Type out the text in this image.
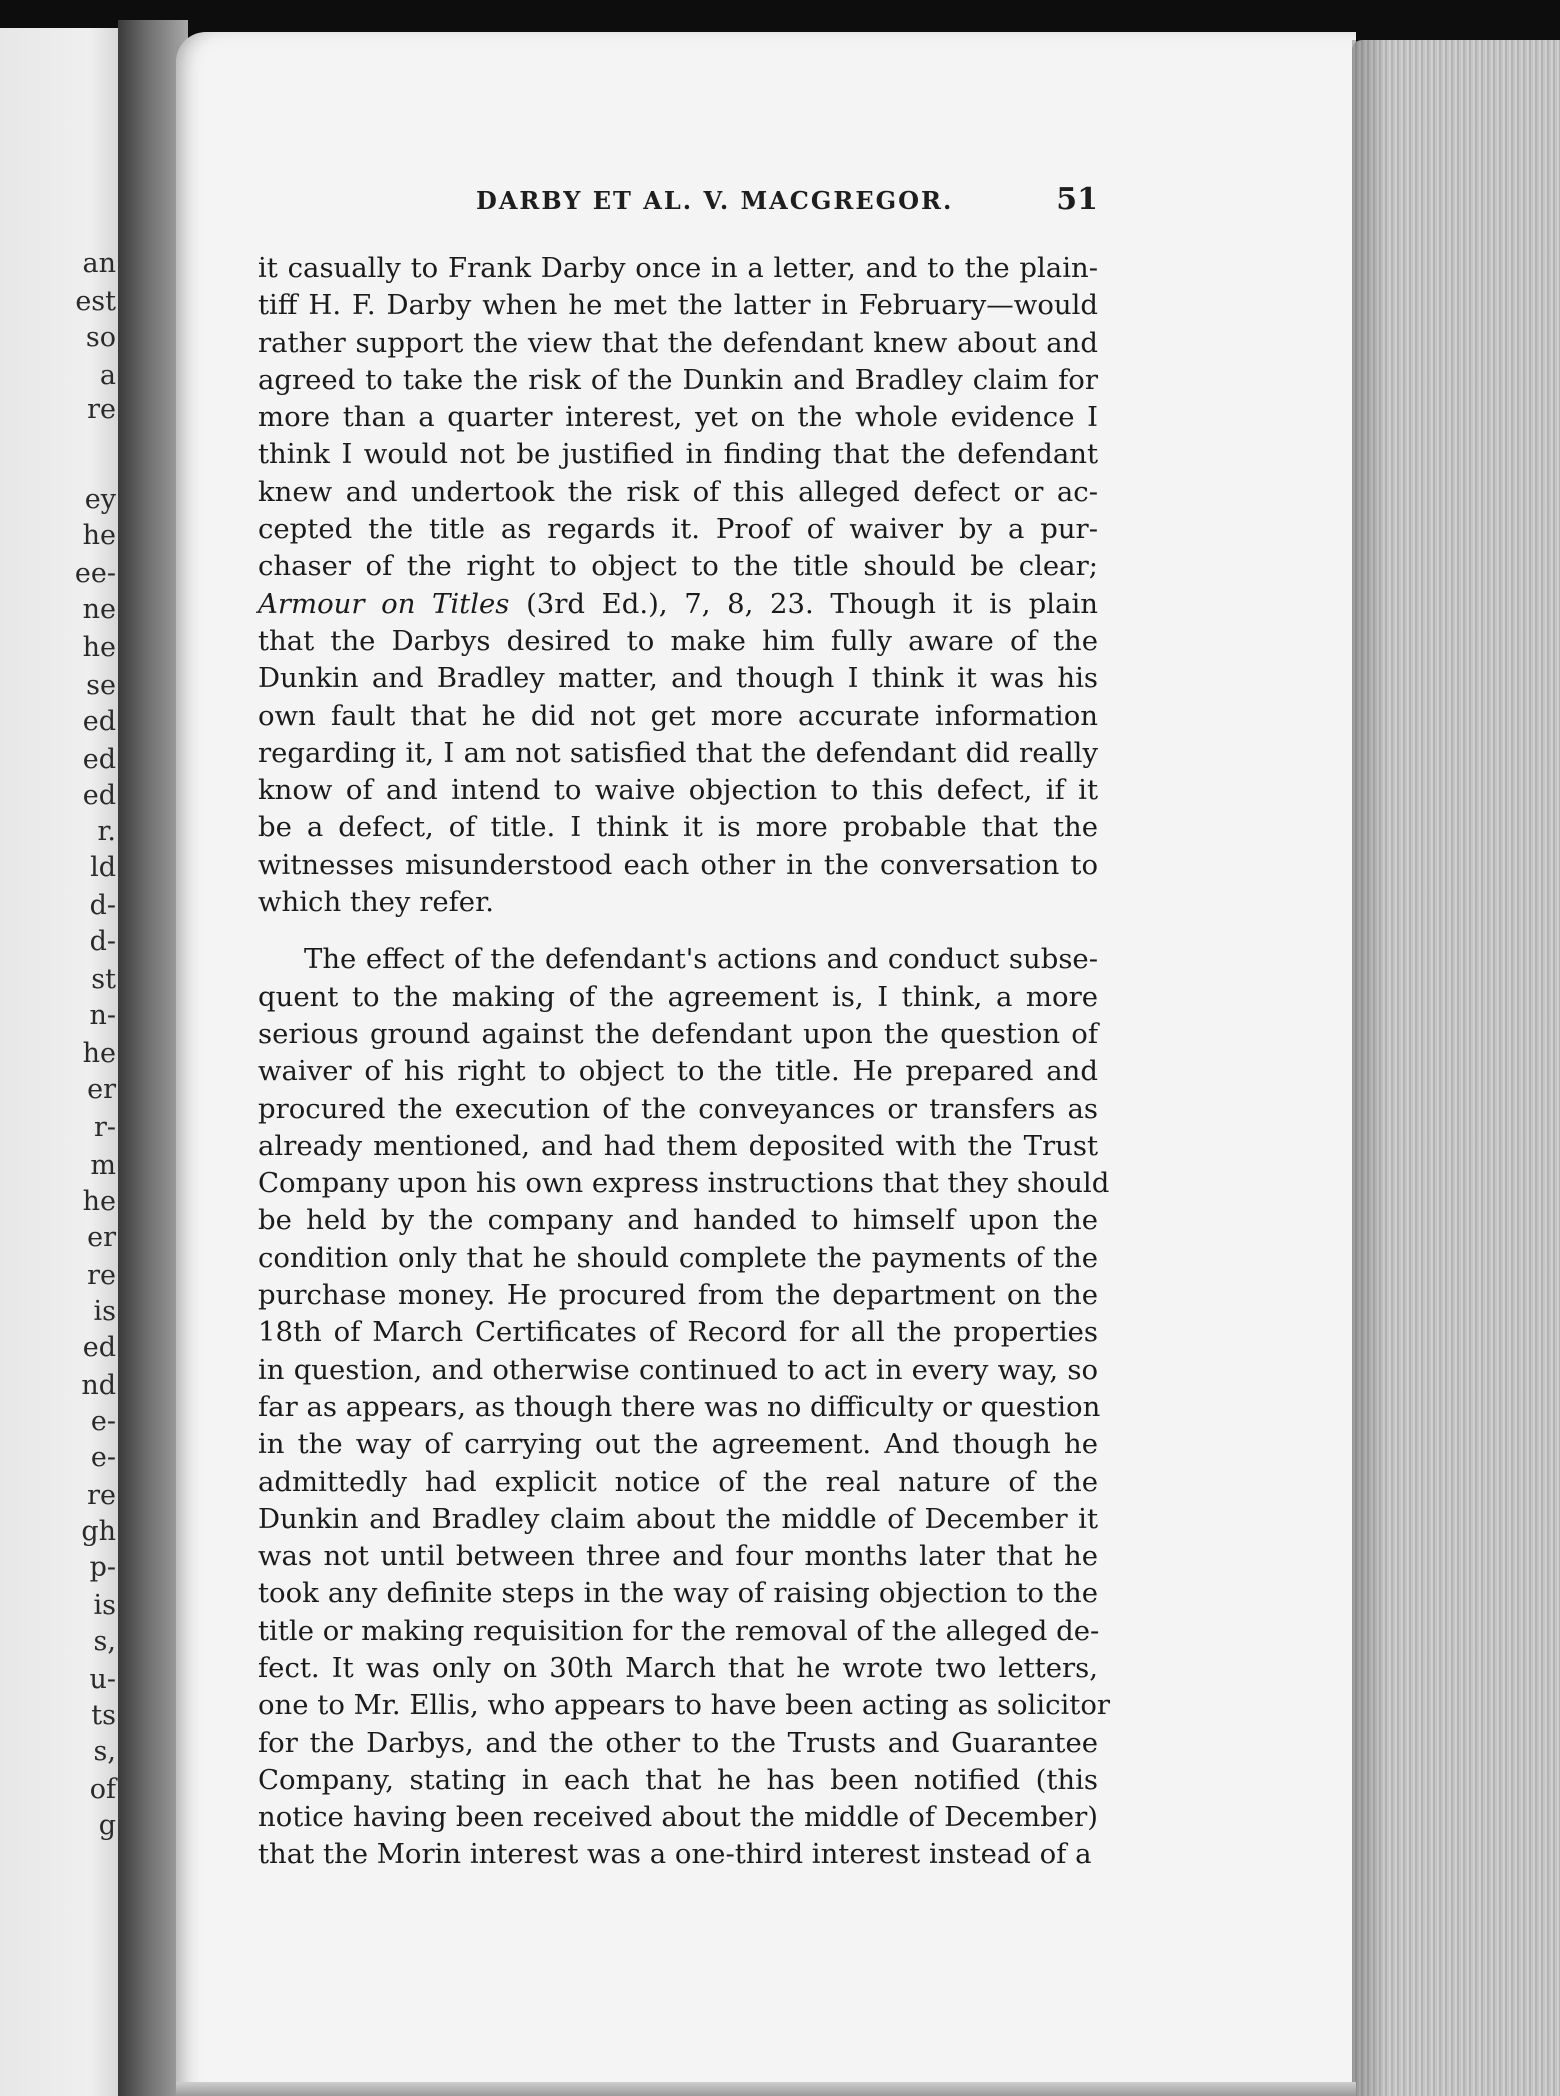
an
est
so
a
re
ey
he
ee-
ne
he
se
ed
ed
ed
r.
ld
d-
d-
st
n-
he
er
r-
m
he
er
re
is
ed
nd
e-
e-
re
gh
p-
is
s,
u-
ts
s,
of
g
DARBY ET AL. V. MACGREGOR.	51
it casually to Frank Darby once in a letter, and to the plain-
tiff H. F. Darby when he met the latter in February—would
rather support the view that the defendant knew about and
agreed to take the risk of the Dunkin and Bradley claim for
more than a quarter interest, yet on the whole evidence I
think I would not be justified in finding that the defendant
knew and undertook the risk of this alleged defect or ac-
cepted the title as regards it. Proof of waiver by a pur-
chaser of the right to object to the title should be clear;
Armour on Titles (3rd Ed.), 7, 8, 23. Though it is plain
that the Darbys desired to make him fully aware of the
Dunkin and Bradley matter, and though I think it was his
own fault that he did not get more accurate information
regarding it, I am not satisfied that the defendant did really
know of and intend to waive objection to this defect, if it
be a defect, of title. I think it is more probable that the
witnesses misunderstood each other in the conversation to
which they refer.
The effect of the defendant's actions and conduct subse-
quent to the making of the agreement is, I think, a more
serious ground against the defendant upon the question of
waiver of his right to object to the title. He prepared and
procured the execution of the conveyances or transfers as
already mentioned, and had them deposited with the Trust
Company upon his own express instructions that they should
be held by the company and handed to himself upon the
condition only that he should complete the payments of the
purchase money. He procured from the department on the
18th of March Certificates of Record for all the properties
in question, and otherwise continued to act in every way, so
far as appears, as though there was no difficulty or question
in the way of carrying out the agreement. And though he
admittedly had explicit notice of the real nature of the
Dunkin and Bradley claim about the middle of December it
was not until between three and four months later that he
took any definite steps in the way of raising objection to the
title or making requisition for the removal of the alleged de-
fect. It was only on 30th March that he wrote two letters,
one to Mr. Ellis, who appears to have been acting as solicitor
for the Darbys, and the other to the Trusts and Guarantee
Company, stating in each that he has been notified (this
notice having been received about the middle of December)
that the Morin interest was a one-third interest instead of a
